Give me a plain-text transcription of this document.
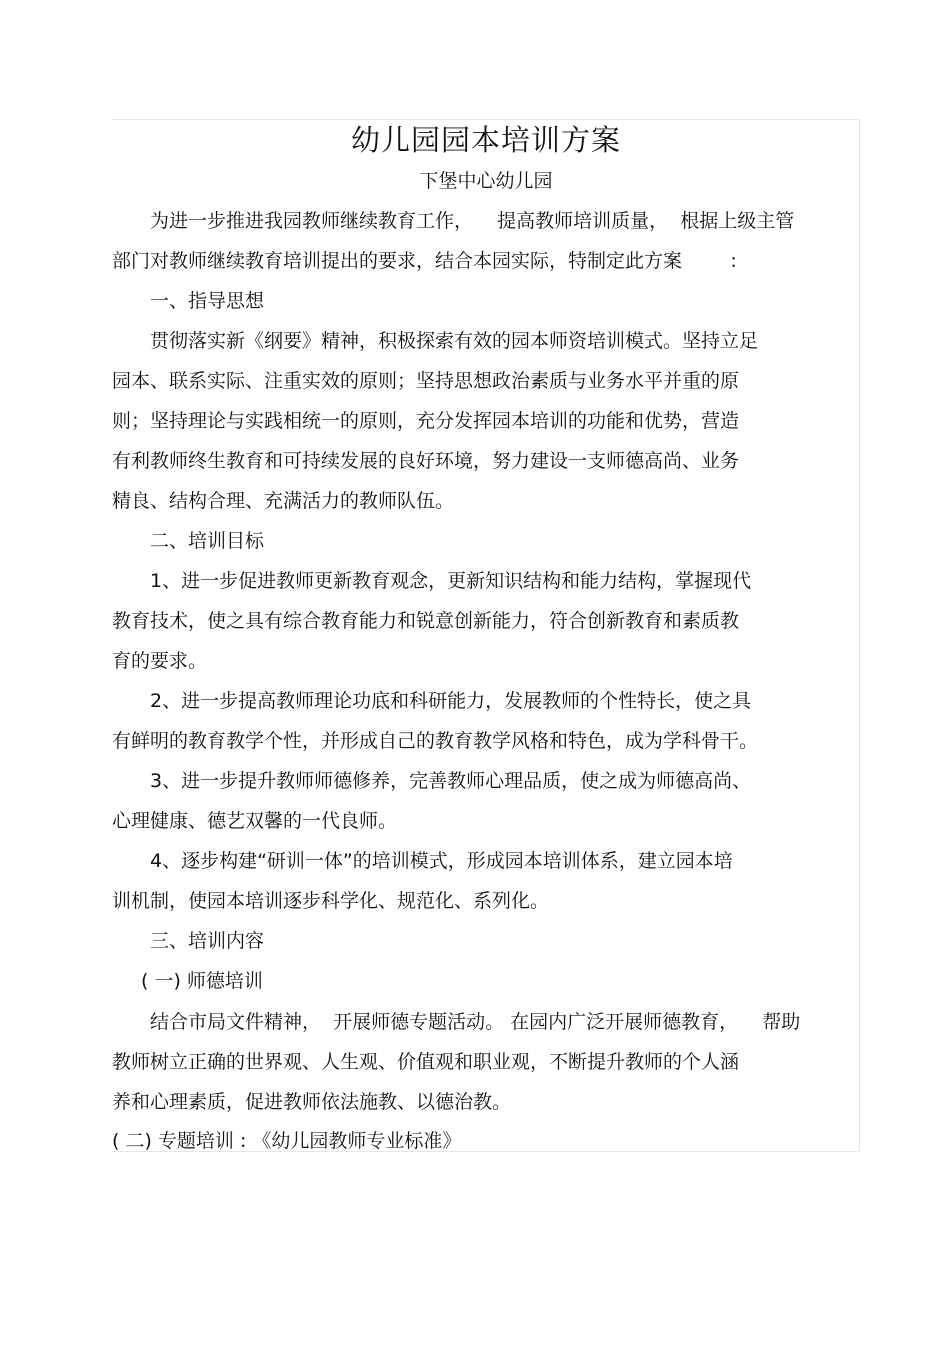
幼儿园园本培训方案
下堡中心幼儿园
为进一步推进我园教师继续教育工作，    提高教师培训质量，  根据上级主管
部门对教师继续教育培训提出的要求，结合本园实际，特制定此方案        :
一、指导思想
贯彻落实新《纲要》精神，积极探索有效的园本师资培训模式。坚持立足
园本、联系实际、注重实效的原则；坚持思想政治素质与业务水平并重的原
则；坚持理论与实践相统一的原则，充分发挥园本培训的功能和优势，营造
有利教师终生教育和可持续发展的良好环境，努力建设一支师德高尚、业务
精良、结构合理、充满活力的教师队伍。
二、培训目标
1、进一步促进教师更新教育观念，更新知识结构和能力结构，掌握现代
教育技术，使之具有综合教育能力和锐意创新能力，符合创新教育和素质教
育的要求。
2、进一步提高教师理论功底和科研能力，发展教师的个性特长，使之具
有鲜明的教育教学个性，并形成自己的教育教学风格和特色，成为学科骨干。
3、进一步提升教师师德修养，完善教师心理品质，使之成为师德高尚、
心理健康、德艺双馨的一代良师。
4、逐步构建“研训一体”的培训模式，形成园本培训体系，建立园本培
训机制，使园本培训逐步科学化、规范化、系列化。
三、培训内容
( 一) 师德培训
结合市局文件精神，  开展师德专题活动。 在园内广泛开展师德教育，    帮助
教师树立正确的世界观、人生观、价值观和职业观，不断提升教师的个人涵
养和心理素质，促进教师依法施教、以德治教。
( 二) 专题培训 : 《幼儿园教师专业标准》
